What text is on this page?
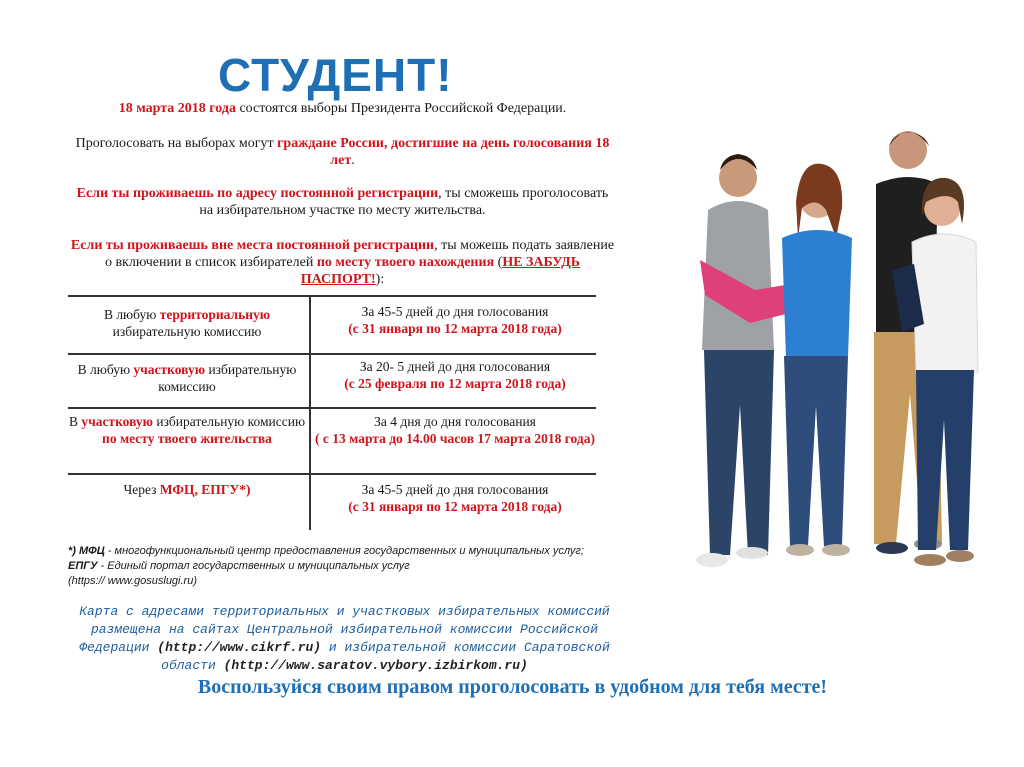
СТУДЕНТ!
18 марта 2018 года состоятся выборы Президента Российской Федерации.
Проголосовать на выборах могут граждане России, достигшие на день голосования 18 лет.
Если ты проживаешь по адресу постоянной регистрации, ты сможешь проголосовать на избирательном участке по месту жительства.
Если ты проживаешь вне места постоянной регистрации, ты можешь подать заявление о включении в список избирателей по месту твоего нахождения (НЕ ЗАБУДЬ ПАСПОРТ!):
В любую территориальную избирательную комиссию
За 45-5 дней до дня голосования
(с 31 января по 12 марта 2018 года)
В любую участковую избирательную комиссию
За 20- 5 дней до дня голосования
(с 25 февраля по 12 марта 2018 года)
В участковую избирательную комиссию по месту твоего жительства
За 4 дня до дня голосования
( с 13 марта до 14.00 часов 17 марта 2018 года)
Через МФЦ, ЕПГУ*)	За 45-5 дней до дня голосования
(с 31 января по 12 марта 2018 года)
*) МФЦ - многофункциональный центр предоставления государственных и муниципальных услуг;
ЕПГУ - Единый портал государственных и муниципальных услуг
(https:// www.gosuslugi.ru)
Карта с адресами территориальных и участковых избирательных комиссий размещена на сайтах Центральной избирательной комиссии Российской Федерации (http://www.cikrf.ru) и избирательной комиссии Саратовской области (http://www.saratov.vybory.izbirkom.ru)
Воспользуйся своим правом проголосовать в удобном для тебя месте!
